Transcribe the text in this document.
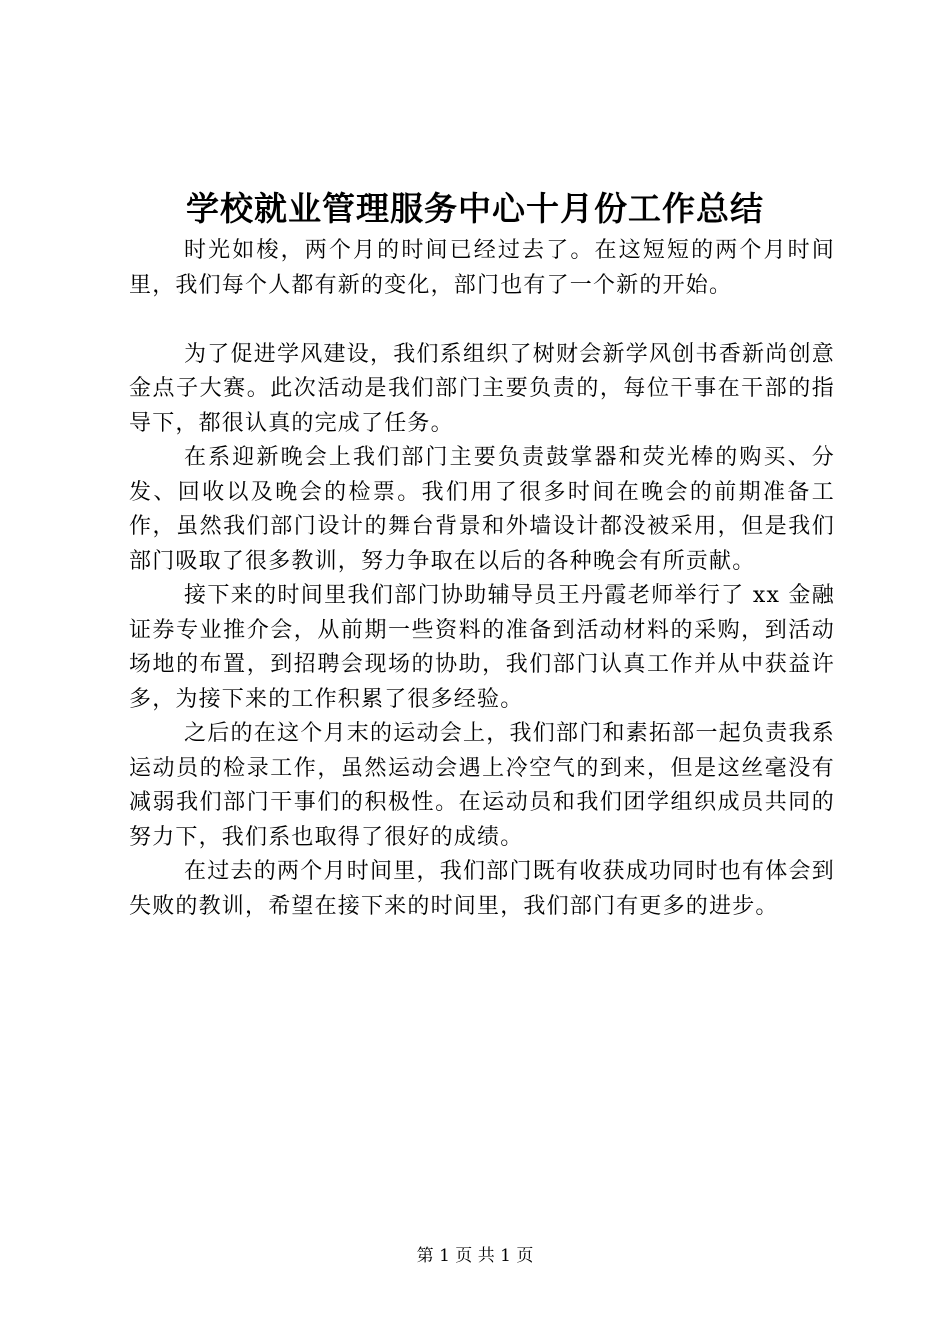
学校就业管理服务中心十月份工作总结

时光如梭，两个月的时间已经过去了。在这短短的两个月时间里，我们每个人都有新的变化，部门也有了一个新的开始。

为了促进学风建设，我们系组织了树财会新学风创书香新尚创意金点子大赛。此次活动是我们部门主要负责的，每位干事在干部的指导下，都很认真的完成了任务。

在系迎新晚会上我们部门主要负责鼓掌器和荧光棒的购买、分发、回收以及晚会的检票。我们用了很多时间在晚会的前期准备工作，虽然我们部门设计的舞台背景和外墙设计都没被采用，但是我们部门吸取了很多教训，努力争取在以后的各种晚会有所贡献。

接下来的时间里我们部门协助辅导员王丹霞老师举行了 xx 金融证券专业推介会，从前期一些资料的准备到活动材料的采购，到活动场地的布置，到招聘会现场的协助，我们部门认真工作并从中获益许多，为接下来的工作积累了很多经验。

之后的在这个月末的运动会上，我们部门和素拓部一起负责我系运动员的检录工作，虽然运动会遇上冷空气的到来，但是这丝毫没有减弱我们部门干事们的积极性。在运动员和我们团学组织成员共同的努力下，我们系也取得了很好的成绩。

在过去的两个月时间里，我们部门既有收获成功同时也有体会到失败的教训，希望在接下来的时间里，我们部门有更多的进步。

第 1 页 共 1 页
